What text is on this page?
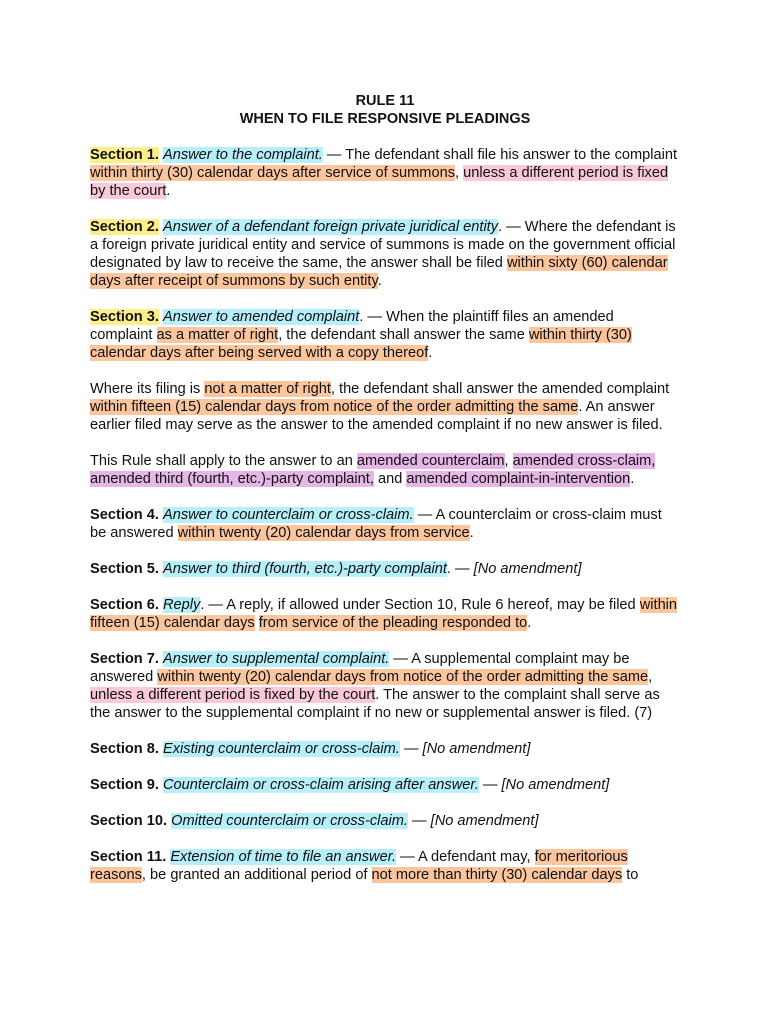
RULE 11
WHEN TO FILE RESPONSIVE PLEADINGS

Section 1. Answer to the complaint. — The defendant shall file his answer to the complaint within thirty (30) calendar days after service of summons, unless a different period is fixed by the court.

Section 2. Answer of a defendant foreign private juridical entity. — Where the defendant is a foreign private juridical entity and service of summons is made on the government official designated by law to receive the same, the answer shall be filed within sixty (60) calendar days after receipt of summons by such entity.

Section 3. Answer to amended complaint. — When the plaintiff files an amended complaint as a matter of right, the defendant shall answer the same within thirty (30) calendar days after being served with a copy thereof.

Where its filing is not a matter of right, the defendant shall answer the amended complaint within fifteen (15) calendar days from notice of the order admitting the same. An answer earlier filed may serve as the answer to the amended complaint if no new answer is filed.

This Rule shall apply to the answer to an amended counterclaim, amended cross-claim, amended third (fourth, etc.)-party complaint, and amended complaint-in-intervention.

Section 4. Answer to counterclaim or cross-claim. — A counterclaim or cross-claim must be answered within twenty (20) calendar days from service.

Section 5. Answer to third (fourth, etc.)-party complaint. — [No amendment]

Section 6. Reply. — A reply, if allowed under Section 10, Rule 6 hereof, may be filed within fifteen (15) calendar days from service of the pleading responded to.

Section 7. Answer to supplemental complaint. — A supplemental complaint may be answered within twenty (20) calendar days from notice of the order admitting the same, unless a different period is fixed by the court. The answer to the complaint shall serve as the answer to the supplemental complaint if no new or supplemental answer is filed. (7)

Section 8. Existing counterclaim or cross-claim. — [No amendment]

Section 9. Counterclaim or cross-claim arising after answer. — [No amendment]

Section 10. Omitted counterclaim or cross-claim. — [No amendment]

Section 11. Extension of time to file an answer. — A defendant may, for meritorious reasons, be granted an additional period of not more than thirty (30) calendar days to
